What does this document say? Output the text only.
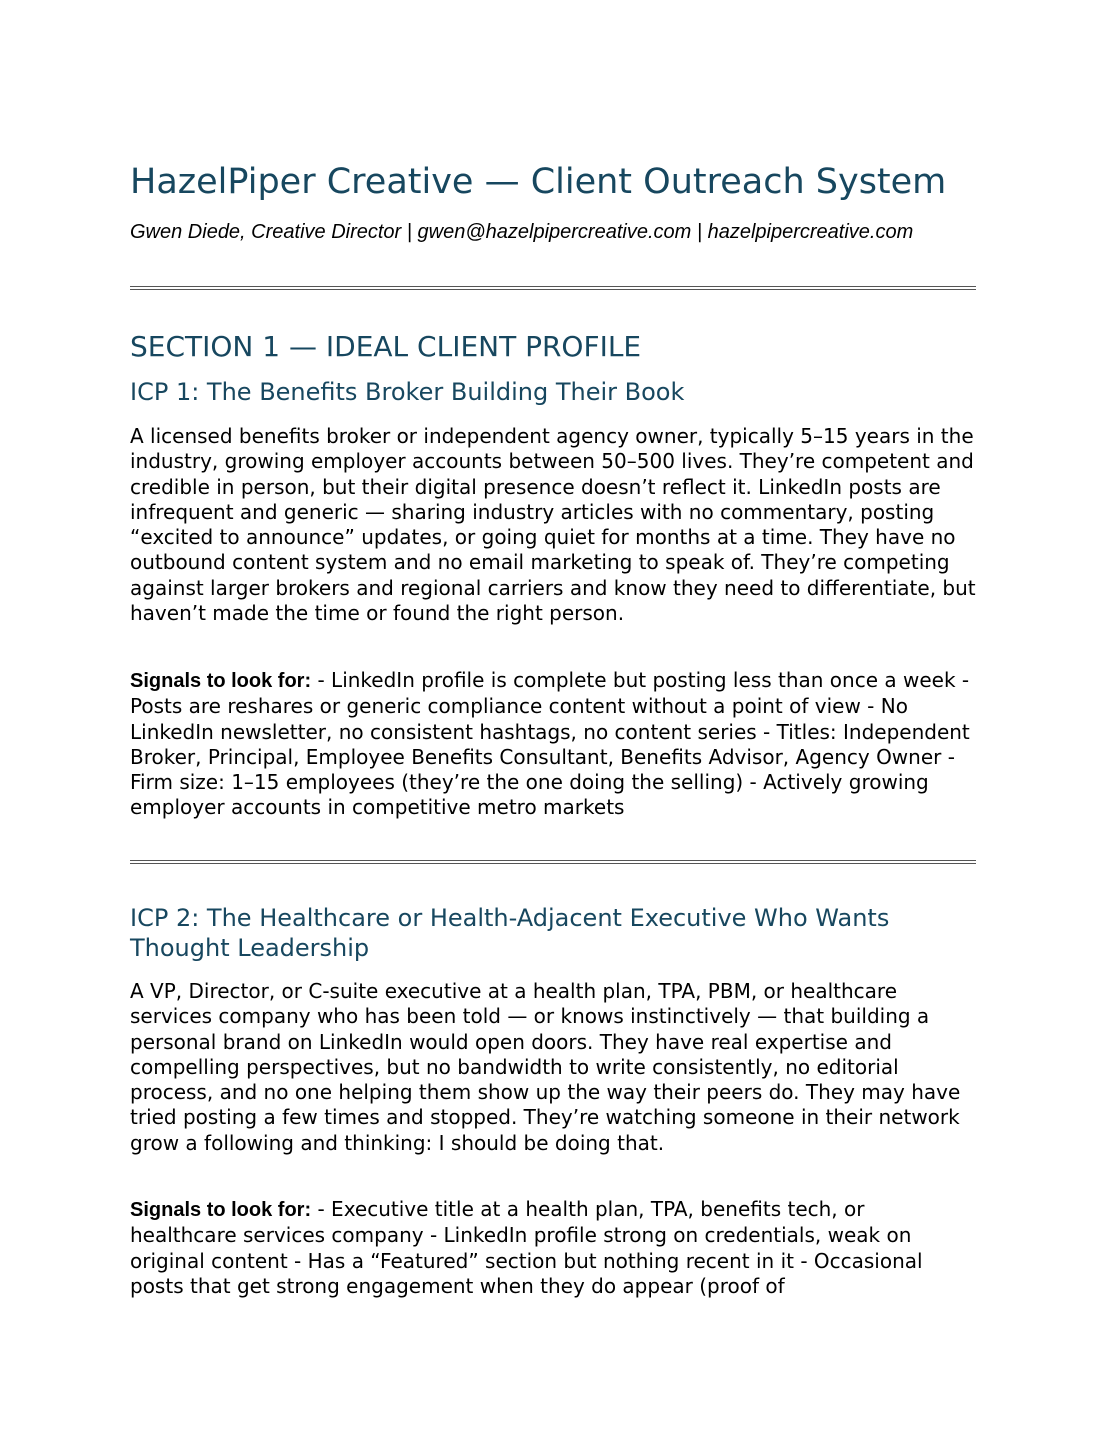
HazelPiper Creative — Client Outreach System

Gwen Diede, Creative Director | gwen@hazelpipercreative.com | hazelpipercreative.com

SECTION 1 — IDEAL CLIENT PROFILE
ICP 1: The Benefits Broker Building Their Book

A licensed benefits broker or independent agency owner, typically 5–15 years in the industry, growing employer accounts between 50–500 lives. They’re competent and credible in person, but their digital presence doesn’t reflect it. LinkedIn posts are infrequent and generic — sharing industry articles with no commentary, posting “excited to announce” updates, or going quiet for months at a time. They have no outbound content system and no email marketing to speak of. They’re competing against larger brokers and regional carriers and know they need to differentiate, but haven’t made the time or found the right person.

Signals to look for: - LinkedIn profile is complete but posting less than once a week - Posts are reshares or generic compliance content without a point of view - No LinkedIn newsletter, no consistent hashtags, no content series - Titles: Independent Broker, Principal, Employee Benefits Consultant, Benefits Advisor, Agency Owner - Firm size: 1–15 employees (they’re the one doing the selling) - Actively growing employer accounts in competitive metro markets

ICP 2: The Healthcare or Health-Adjacent Executive Who Wants Thought Leadership

A VP, Director, or C-suite executive at a health plan, TPA, PBM, or healthcare services company who has been told — or knows instinctively — that building a personal brand on LinkedIn would open doors. They have real expertise and compelling perspectives, but no bandwidth to write consistently, no editorial process, and no one helping them show up the way their peers do. They may have tried posting a few times and stopped. They’re watching someone in their network grow a following and thinking: I should be doing that.

Signals to look for: - Executive title at a health plan, TPA, benefits tech, or healthcare services company - LinkedIn profile strong on credentials, weak on original content - Has a “Featured” section but nothing recent in it - Occasional posts that get strong engagement when they do appear (proof of
